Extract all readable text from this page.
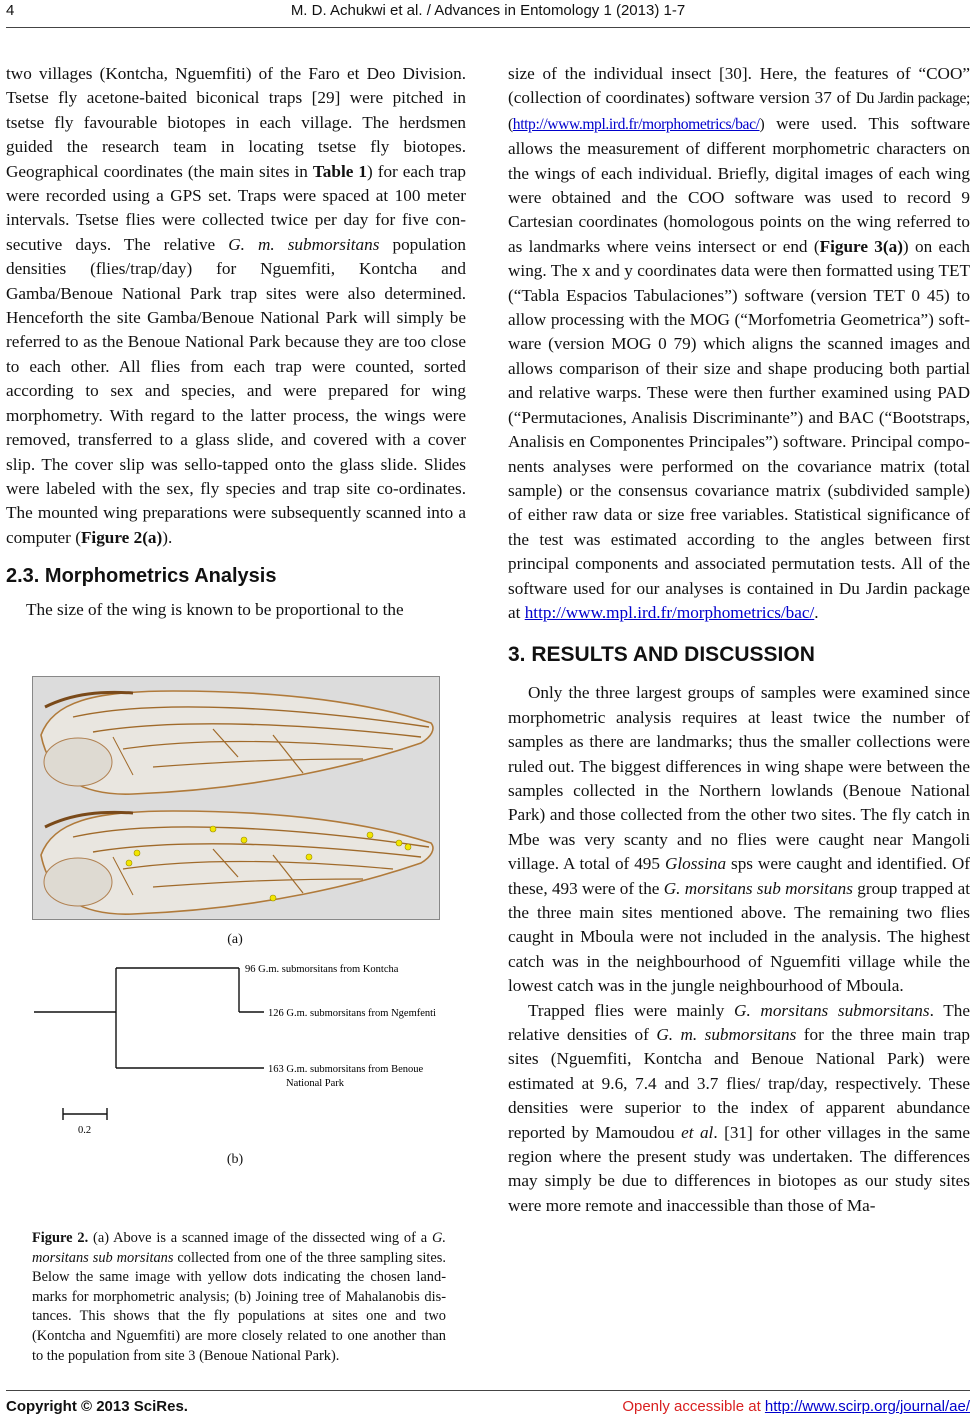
4	M. D. Achukwi et al. / Advances in Entomology 1 (2013) 1-7

two villages (Kontcha, Nguemfiti) of the Faro et Deo Division. Tsetse fly acetone-baited biconical traps [29] were pitched in tsetse fly favourable biotopes in each village. The herdsmen guided the research team in locating tsetse fly biotopes. Geographical coordinates (the main sites in Table 1) for each trap were recorded using a GPS set. Traps were spaced at 100 meter intervals. Tsetse flies were collected twice per day for five consecutive days. The relative G. m. submorsitans population densities (flies/trap/day) for Nguemfiti, Kontcha and Gamba/Benoue National Park trap sites were also determined. Henceforth the site Gamba/Benoue National Park will simply be referred to as the Benoue National Park because they are too close to each other. All flies from each trap were counted, sorted according to sex and species, and were prepared for wing morphometry. With regard to the latter process, the wings were removed, transferred to a glass slide, and covered with a cover slip. The cover slip was sello-tapped onto the glass slide. Slides were labeled with the sex, fly species and trap site co-ordinates. The mounted wing preparations were subsequently scanned into a computer (Figure 2(a)).

2.3. Morphometrics Analysis

The size of the wing is known to be proportional to the

(a)
96 G.m. submorsitans from Kontcha
126 G.m. submorsitans from Ngemfenti
163 G.m. submorsitans from Benoue
National Park
0.2
(b)
Figure 2. (a) Above is a scanned image of the dissected wing of a G. morsitans sub morsitans collected from one of the three sampling sites. Below the same image with yellow dots indicating the chosen land-marks for morphometric analysis; (b) Joining tree of Mahalanobis distances. This shows that the fly populations at sites one and two (Kontcha and Nguemfiti) are more closely related to one another than to the population from site 3 (Benoue National Park).

size of the individual insect [30]. Here, the features of “COO” (collection of coordinates) software version 37 of Du Jardin package; (http://www.mpl.ird.fr/morphometrics/bac/) were used. This software allows the measurement of different morphometric characters on the wings of each individual. Briefly, digital images of each wing were obtained and the COO software was used to record 9 Cartesian coordinates (homologous points on the wing referred to as landmarks where veins intersect or end (Figure 3(a)) on each wing. The x and y coordinates data were then formatted using TET (“Tabla Espacios Tabulaciones”) software (version TET 0 45) to allow processing with the MOG (“Morfometria Geometrica”) software (version MOG 0 79) which aligns the scanned images and allows comparison of their size and shape producing both partial and relative warps. These were then further examined using PAD (“Permutaciones, Analisis Discriminante”) and BAC (“Bootstraps, Analisis en Componentes Principales”) software. Principal components analyses were performed on the covariance matrix (total sample) or the consensus covariance matrix (subdivided sample) of either raw data or size free variables. Statistical significance of the test was estimated according to the angles between first principal components and associated permutation tests. All of the software used for our analyses is contained in Du Jardin package at http://www.mpl.ird.fr/morphometrics/bac/.

3. RESULTS AND DISCUSSION

Only the three largest groups of samples were examined since morphometric analysis requires at least twice the number of samples as there are landmarks; thus the smaller collections were ruled out. The biggest differences in wing shape were between the samples collected in the Northern lowlands (Benoue National Park) and those collected from the other two sites. The fly catch in Mbe was very scanty and no flies were caught near Mangoli village. A total of 495 Glossina sps were caught and identified. Of these, 493 were of the G. morsitans sub morsitans group trapped at the three main sites mentioned above. The remaining two flies caught in Mboula were not included in the analysis. The highest catch was in the neighbourhood of Nguemfiti village while the lowest catch was in the jungle neighbourhood of Mboula.

Trapped flies were mainly G. morsitans submorsitans. The relative densities of G. m. submorsitans for the three main trap sites (Nguemfiti, Kontcha and Benoue National Park) were estimated at 9.6, 7.4 and 3.7 flies/ trap/day, respectively. These densities were superior to the index of apparent abundance reported by Mamoudou et al. [31] for other villages in the same region where the present study was undertaken. The differences may simply be due to differences in biotopes as our study sites were more remote and inaccessible than those of Ma-

Copyright © 2013 SciRes.	Openly accessible at http://www.scirp.org/journal/ae/
